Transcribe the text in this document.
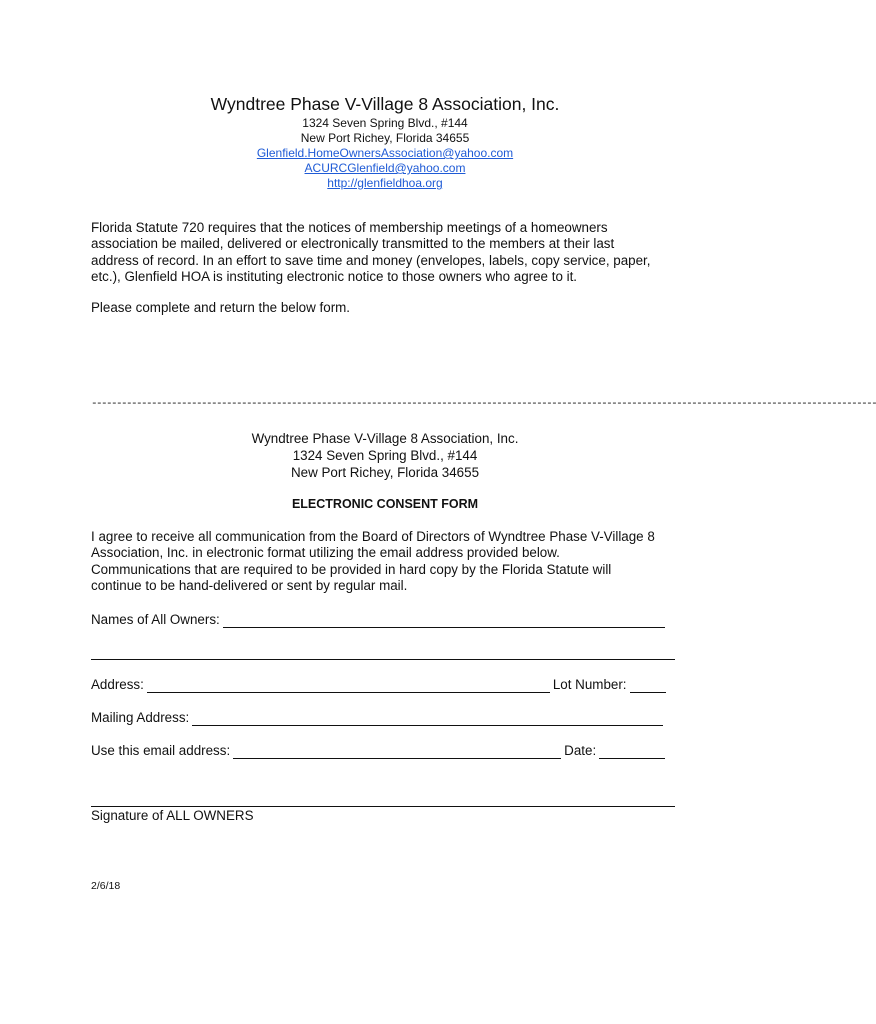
Wyndtree Phase V-Village 8 Association, Inc.
1324 Seven Spring Blvd., #144
New Port Richey, Florida 34655
Glenfield.HomeOwnersAssociation@yahoo.com
ACURCGlenfield@yahoo.com
http://glenfieldhoa.org

Florida Statute 720 requires that the notices of membership meetings of a homeowners
association be mailed, delivered or electronically transmitted to the members at their last
address of record. In an effort to save time and money (envelopes, labels, copy service, paper,
etc.), Glenfield HOA is instituting electronic notice to those owners who agree to it.

Please complete and return the below form.

-------------------------------------------------------------------------------------------------------------------------------------------------------------
Wyndtree Phase V-Village 8 Association, Inc.
1324 Seven Spring Blvd., #144
New Port Richey, Florida 34655
ELECTRONIC CONSENT FORM

I agree to receive all communication from the Board of Directors of Wyndtree Phase V-Village 8
Association, Inc. in electronic format utilizing the email address provided below.
Communications that are required to be provided in hard copy by the Florida Statute will
continue to be hand-delivered or sent by regular mail.

Names of All Owners:
Address:	Lot Number:
Mailing Address:
Use this email address:	Date:
Signature of ALL OWNERS
2/6/18
